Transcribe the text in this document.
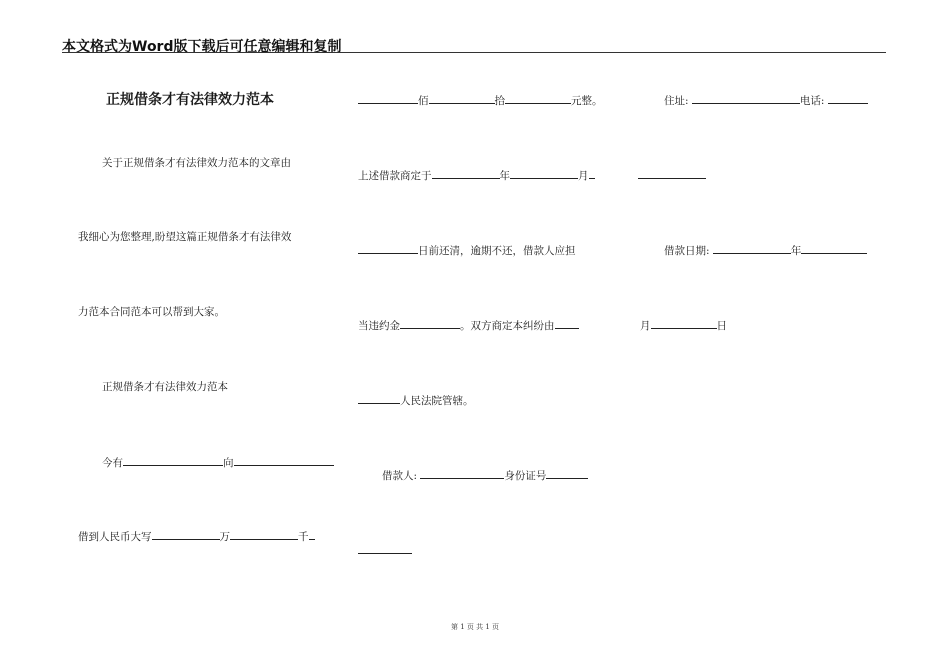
本文格式为Word版下载后可任意编辑和复制
正规借条才有法律效力范本
关于正规借条才有法律效力范本的文章由
我细心为您整理,盼望这篇正规借条才有法律效
力范本合同范本可以帮到大家。
正规借条才有法律效力范本
今有	向
借到人民币大写	万	千
佰	拾	元整。
上述借款商定于	年	月
日前还清，逾期不还，借款人应担
当违约金	。双方商定本纠纷由
人民法院管辖。
借款人:	身份证号
住址:	电话:
借款日期:	年
月	日
第 1 页 共 1 页
